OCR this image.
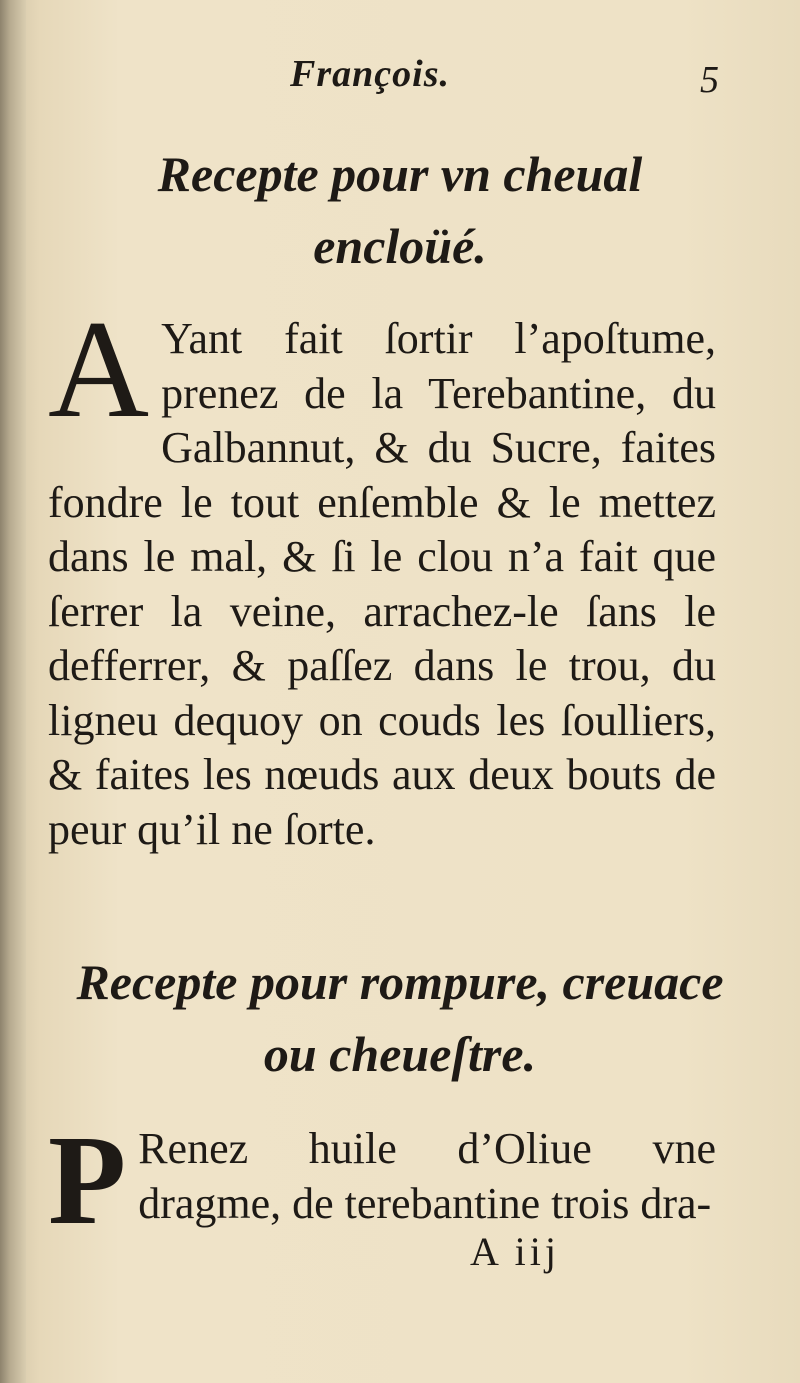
François.	5
Recepte pour vn cheual
encloüé.
A Yant fait ſortir l’apoſtume, prenez de la Terebantine, du Galbannut, & du Sucre, faites fondre le tout enſemble & le mettez dans le mal, & ſi le clou n’a fait que ſerrer la veine, arrachez-le ſans le defferrer, & paſſez dans le trou, du ligneu dequoy on couds les ſoulliers, & faites les nœuds aux deux bouts de peur qu’il ne ſorte.
Recepte pour rompure, creuace
ou cheueſtre.
P Renez huile d’Oliue vne dragme, de terebantine trois dra-
A iij
